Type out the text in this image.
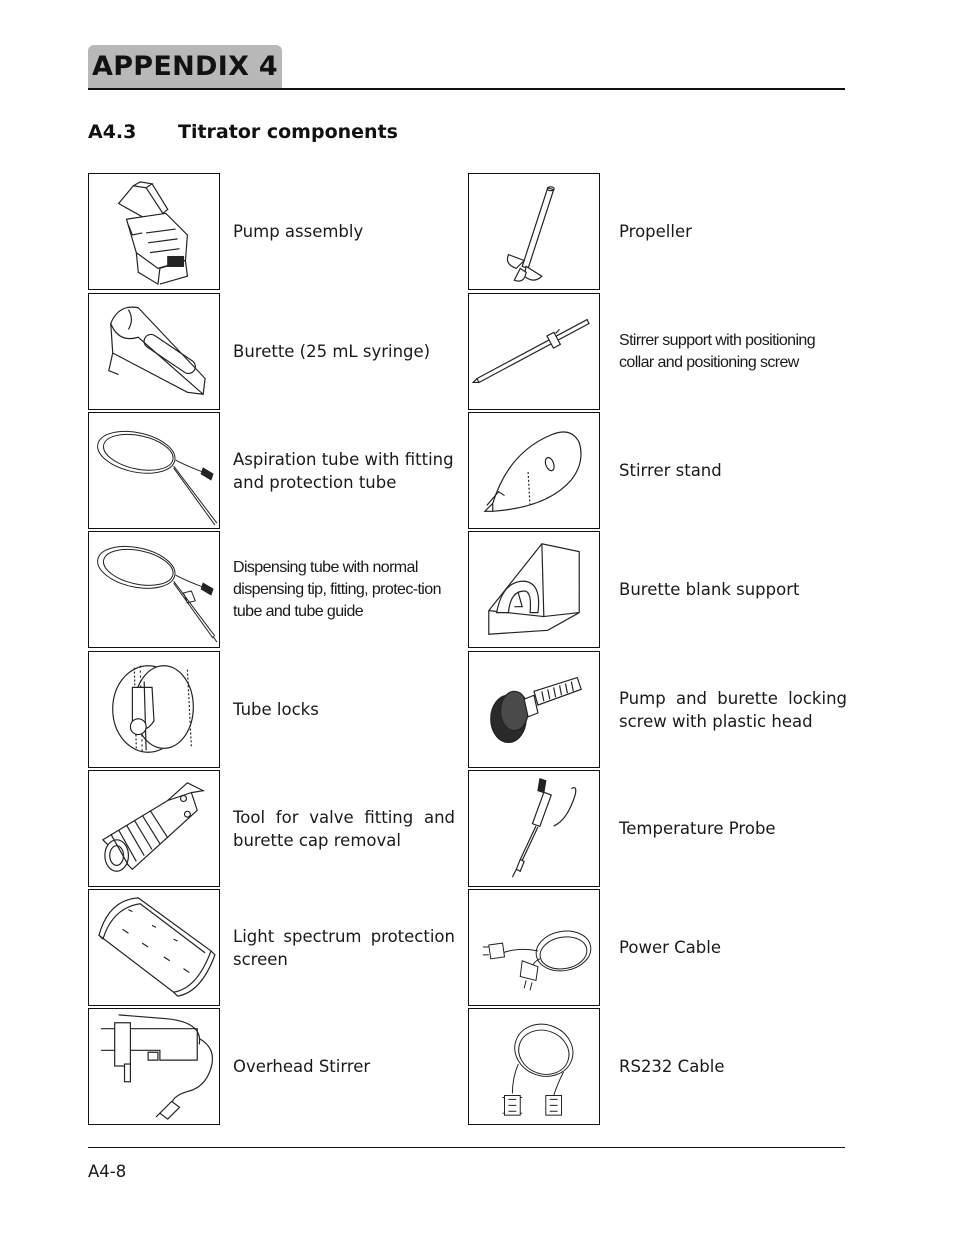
APPENDIX 4
A4.3 Titrator components
Pump assembly
Burette (25 mL syringe)
Aspiration tube with fitting and protection tube
Dispensing tube with normal dispensing tip, fitting, protec-tion tube and tube guide
Tube locks
Tool for valve fitting and burette cap removal
Light spectrum protection screen
Overhead Stirrer
Propeller
Stirrer support with positioning collar and positioning screw
Stirrer stand
Burette blank support
Pump and burette locking screw with plastic head
Temperature Probe
Power Cable
RS232 Cable
A4-8
